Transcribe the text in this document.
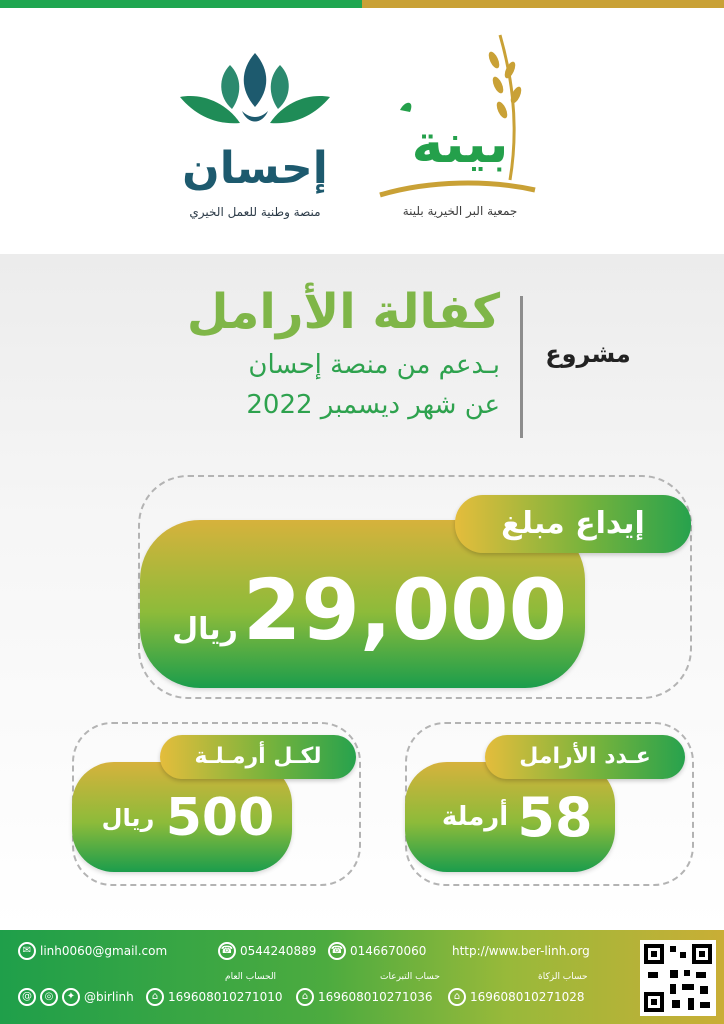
إحسان
منصة وطنية للعمل الخيري
بينة
جمعية البر الخيرية بلينة
مشروع
كفالة الأرامل
بـدعم من منصة إحسان
عن شهر ديسمبر 2022
إيداع مبلغ
29,000
ريال
عـدد الأرامل
58
أرملة
لكـل أرمـلـة
500
ريال
✉ linh0060@gmail.com	☎ 0544240889 ☎ 0146670060 http://www.ber-linh.org
@	◎	✦ @birlinh
الحساب العام
⌂ 169608010271010
حساب التبرعات
⌂ 169608010271036
حساب الزكاة
⌂ 169608010271028
